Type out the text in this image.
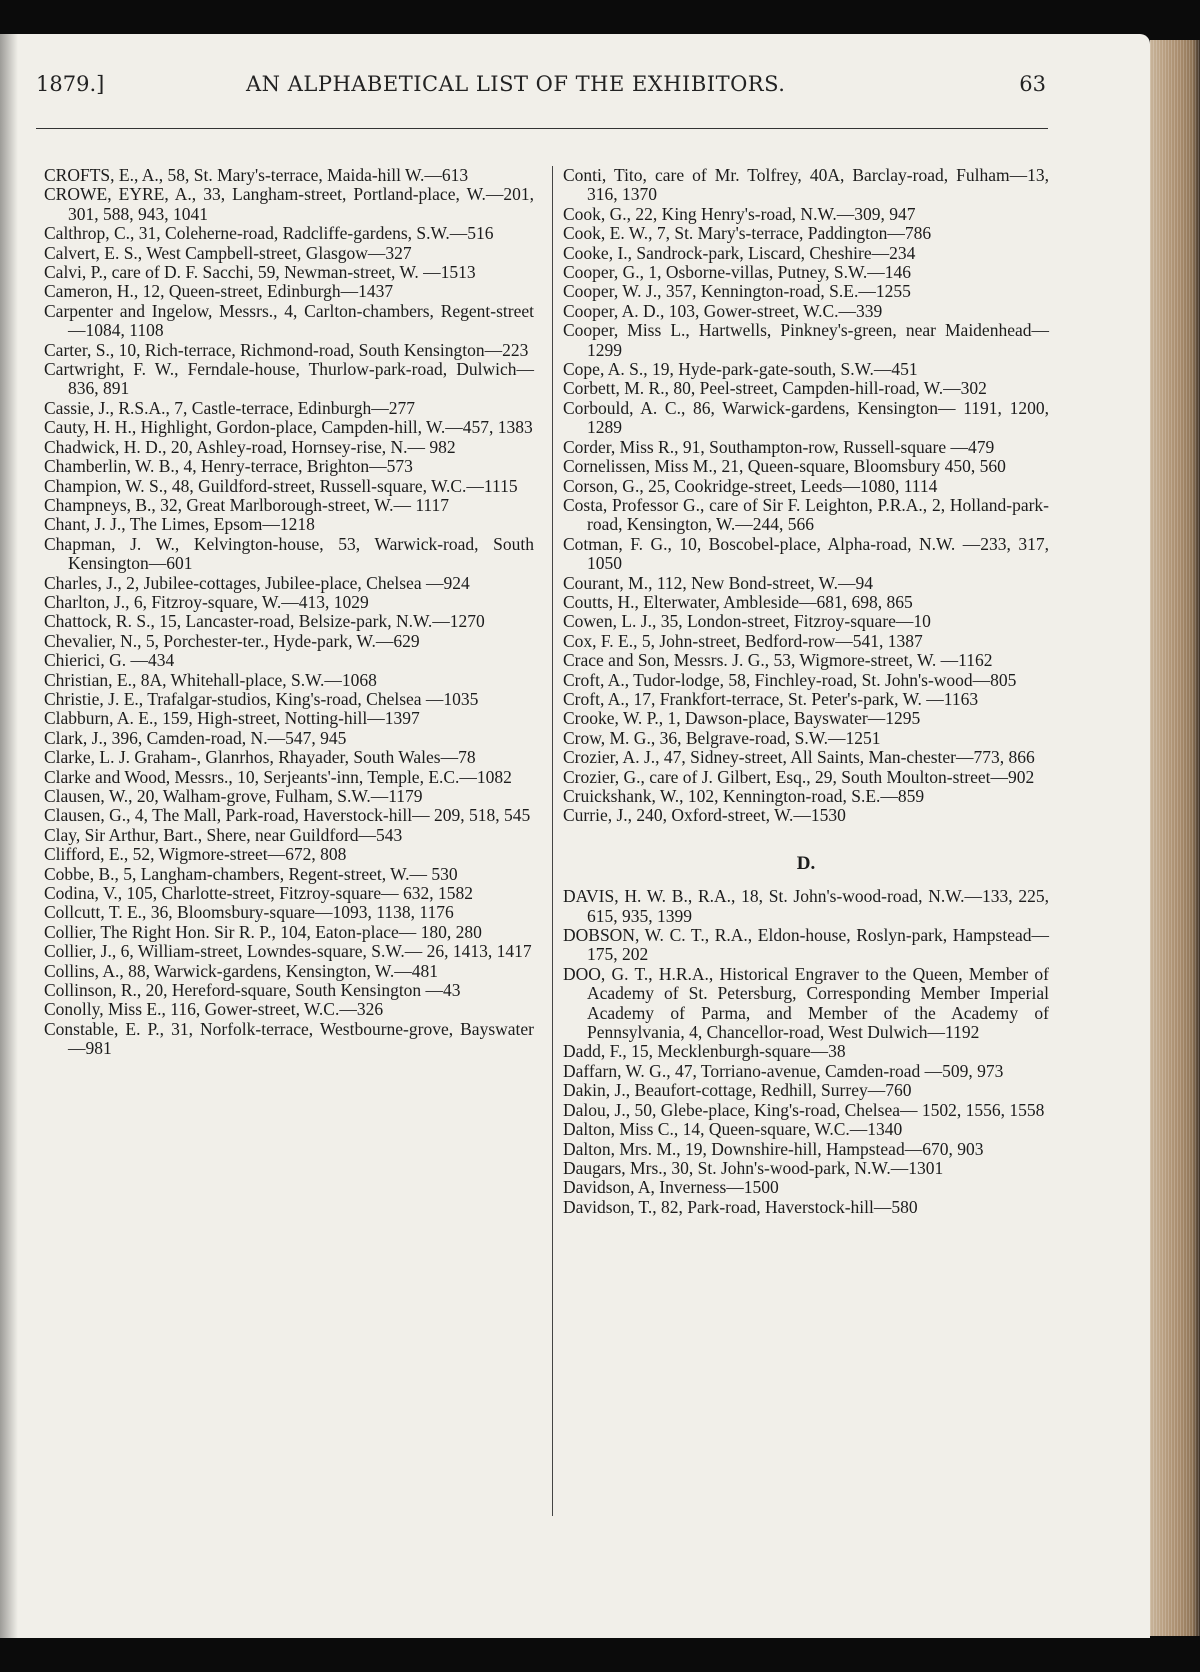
1879.]	AN ALPHABETICAL LIST OF THE EXHIBITORS.	63

CROFTS, E., A., 58, St. Mary's-terrace, Maida-hill W.—613

CROWE, EYRE, A., 33, Langham-street, Portland-place, W.—201, 301, 588, 943, 1041

Calthrop, C., 31, Coleherne-road, Radcliffe-gardens, S.W.—516

Calvert, E. S., West Campbell-street, Glasgow—327

Calvi, P., care of D. F. Sacchi, 59, Newman-street, W. —1513

Cameron, H., 12, Queen-street, Edinburgh—1437

Carpenter and Ingelow, Messrs., 4, Carlton-chambers, Regent-street—1084, 1108

Carter, S., 10, Rich-terrace, Richmond-road, South Kensington—223

Cartwright, F. W., Ferndale-house, Thurlow-park-road, Dulwich—836, 891

Cassie, J., R.S.A., 7, Castle-terrace, Edinburgh—277

Cauty, H. H., Highlight, Gordon-place, Campden-hill, W.—457, 1383

Chadwick, H. D., 20, Ashley-road, Hornsey-rise, N.— 982

Chamberlin, W. B., 4, Henry-terrace, Brighton—573

Champion, W. S., 48, Guildford-street, Russell-square, W.C.—1115

Champneys, B., 32, Great Marlborough-street, W.— 1117

Chant, J. J., The Limes, Epsom—1218

Chapman, J. W., Kelvington-house, 53, Warwick-road, South Kensington—601

Charles, J., 2, Jubilee-cottages, Jubilee-place, Chelsea —924

Charlton, J., 6, Fitzroy-square, W.—413, 1029

Chattock, R. S., 15, Lancaster-road, Belsize-park, N.W.—1270

Chevalier, N., 5, Porchester-ter., Hyde-park, W.—629

Chierici, G. —434

Christian, E., 8A, Whitehall-place, S.W.—1068

Christie, J. E., Trafalgar-studios, King's-road, Chelsea —1035

Clabburn, A. E., 159, High-street, Notting-hill—1397

Clark, J., 396, Camden-road, N.—547, 945

Clarke, L. J. Graham-, Glanrhos, Rhayader, South Wales—78

Clarke and Wood, Messrs., 10, Serjeants'-inn, Temple, E.C.—1082

Clausen, W., 20, Walham-grove, Fulham, S.W.—1179

Clausen, G., 4, The Mall, Park-road, Haverstock-hill— 209, 518, 545

Clay, Sir Arthur, Bart., Shere, near Guildford—543

Clifford, E., 52, Wigmore-street—672, 808

Cobbe, B., 5, Langham-chambers, Regent-street, W.— 530

Codina, V., 105, Charlotte-street, Fitzroy-square— 632, 1582

Collcutt, T. E., 36, Bloomsbury-square—1093, 1138, 1176

Collier, The Right Hon. Sir R. P., 104, Eaton-place— 180, 280

Collier, J., 6, William-street, Lowndes-square, S.W.— 26, 1413, 1417

Collins, A., 88, Warwick-gardens, Kensington, W.—481

Collinson, R., 20, Hereford-square, South Kensington —43

Conolly, Miss E., 116, Gower-street, W.C.—326

Constable, E. P., 31, Norfolk-terrace, Westbourne-grove, Bayswater—981

Conti, Tito, care of Mr. Tolfrey, 40A, Barclay-road, Fulham—13, 316, 1370

Cook, G., 22, King Henry's-road, N.W.—309, 947

Cook, E. W., 7, St. Mary's-terrace, Paddington—786

Cooke, I., Sandrock-park, Liscard, Cheshire—234

Cooper, G., 1, Osborne-villas, Putney, S.W.—146

Cooper, W. J., 357, Kennington-road, S.E.—1255

Cooper, A. D., 103, Gower-street, W.C.—339

Cooper, Miss L., Hartwells, Pinkney's-green, near Maidenhead—1299

Cope, A. S., 19, Hyde-park-gate-south, S.W.—451

Corbett, M. R., 80, Peel-street, Campden-hill-road, W.—302

Corbould, A. C., 86, Warwick-gardens, Kensington— 1191, 1200, 1289

Corder, Miss R., 91, Southampton-row, Russell-square —479

Cornelissen, Miss M., 21, Queen-square, Bloomsbury 450, 560

Corson, G., 25, Cookridge-street, Leeds—1080, 1114

Costa, Professor G., care of Sir F. Leighton, P.R.A., 2, Holland-park-road, Kensington, W.—244, 566

Cotman, F. G., 10, Boscobel-place, Alpha-road, N.W. —233, 317, 1050

Courant, M., 112, New Bond-street, W.—94

Coutts, H., Elterwater, Ambleside—681, 698, 865

Cowen, L. J., 35, London-street, Fitzroy-square—10

Cox, F. E., 5, John-street, Bedford-row—541, 1387

Crace and Son, Messrs. J. G., 53, Wigmore-street, W. —1162

Croft, A., Tudor-lodge, 58, Finchley-road, St. John's-wood—805

Croft, A., 17, Frankfort-terrace, St. Peter's-park, W. —1163

Crooke, W. P., 1, Dawson-place, Bayswater—1295

Crow, M. G., 36, Belgrave-road, S.W.—1251

Crozier, A. J., 47, Sidney-street, All Saints, Man-chester—773, 866

Crozier, G., care of J. Gilbert, Esq., 29, South Moulton-street—902

Cruickshank, W., 102, Kennington-road, S.E.—859

Currie, J., 240, Oxford-street, W.—1530

D.

DAVIS, H. W. B., R.A., 18, St. John's-wood-road, N.W.—133, 225, 615, 935, 1399

DOBSON, W. C. T., R.A., Eldon-house, Roslyn-park, Hampstead—175, 202

DOO, G. T., H.R.A., Historical Engraver to the Queen, Member of Academy of St. Petersburg, Corresponding Member Imperial Academy of Parma, and Member of the Academy of Pennsylvania, 4, Chancellor-road, West Dulwich—1192

Dadd, F., 15, Mecklenburgh-square—38

Daffarn, W. G., 47, Torriano-avenue, Camden-road —509, 973

Dakin, J., Beaufort-cottage, Redhill, Surrey—760

Dalou, J., 50, Glebe-place, King's-road, Chelsea— 1502, 1556, 1558

Dalton, Miss C., 14, Queen-square, W.C.—1340

Dalton, Mrs. M., 19, Downshire-hill, Hampstead—670, 903

Daugars, Mrs., 30, St. John's-wood-park, N.W.—1301

Davidson, A, Inverness—1500

Davidson, T., 82, Park-road, Haverstock-hill—580
